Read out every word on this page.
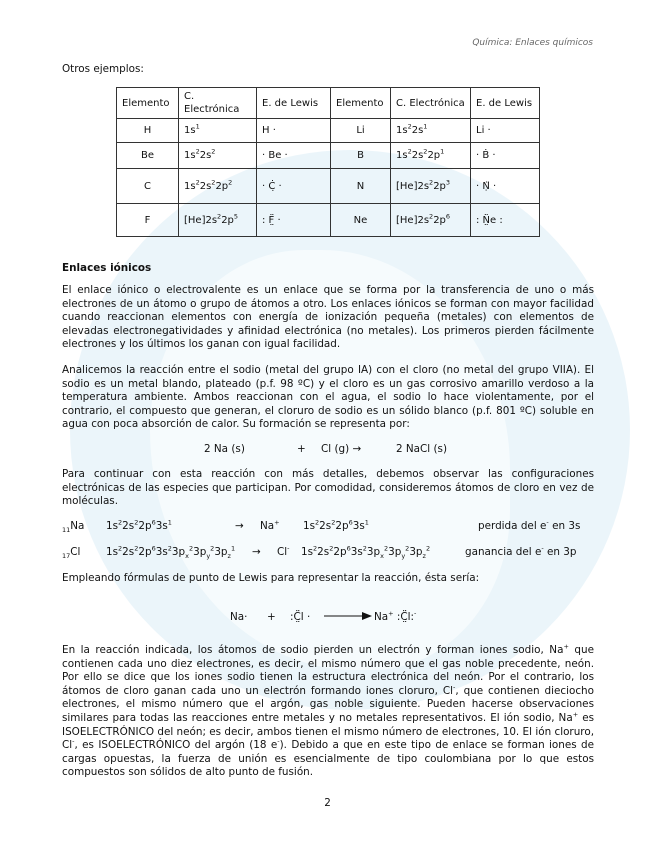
Química: Enlaces químicos
Otros ejemplos:
Elemento	C. Electrónica	E. de Lewis	Elemento	C. Electrónica	E. de Lewis
H	$1s^1$	H ·	Li	$1s^22s^1$	Li ·
Be	$1s^22s^2$	· Be ·	B	$1s^22s^22p^1$	· Ḃ ·
C	$1s^22s^22p^2$	· Ċ̣ ·	N	$[He]2s^22p^3$	· Ṇ̈ ·
F	$[He]2s^22p^5$	: F̤̈ ·	Ne	$[He]2s^22p^6$	: N̤̈e :
Enlaces iónicos
El enlace iónico o electrovalente es un enlace que se forma por la transferencia de uno o más electrones de un átomo o grupo de átomos a otro. Los enlaces iónicos se forman con mayor facilidad cuando reaccionan elementos con energía de ionización pequeña (metales) con elementos de elevadas electronegatividades y afinidad electrónica (no metales). Los primeros pierden fácilmente electrones y los últimos los ganan con igual facilidad.
Analicemos la reacción entre el sodio (metal del grupo IA) con el cloro (no metal del grupo VIIA). El sodio es un metal blando, plateado (p.f. 98 ºC) y el cloro es un gas corrosivo amarillo verdoso a la temperatura ambiente. Ambos reaccionan con el agua, el sodio lo hace violentamente, por el contrario, el compuesto que generan, el cloruro de sodio es un sólido blanco (p.f. 801 ºC) soluble en agua con poca absorción de calor. Su formación se representa por:
2 Na (s)	+ Cl (g) →	2 NaCl (s)
Para continuar con esta reacción con más detalles, debemos observar las configuraciones electrónicas de las especies que participan. Por comodidad, consideremos átomos de cloro en vez de moléculas.
$_{11}$Na $1s^22s^22p^63s^1$	→ Na+ $1s^22s^22p^63s^1$	perdida del e- en 3s
$_{17}$Cl $1s^22s^22p^63s^23p_x^23p_y^23p_z^1 \to Cl^-$ $1s^22s^22p^63s^23p_x^23p_y^23p_z^2$	ganancia del e- en 3p
Empleando fórmulas de punto de Lewis para representar la reacción, ésta sería:
Na· + :C̤̈l ·	Na+ :C̤̈l:-
En la reacción indicada, los átomos de sodio pierden un electrón y forman iones sodio, Na+ que contienen cada uno diez electrones, es decir, el mismo número que el gas noble precedente, neón. Por ello se dice que los iones sodio tienen la estructura electrónica del neón. Por el contrario, los átomos de cloro ganan cada uno un electrón formando iones cloruro, Cl-, que contienen dieciocho electrones, el mismo número que el argón, gas noble siguiente. Pueden hacerse observaciones similares para todas las reacciones entre metales y no metales representativos. El ión sodio, Na+ es ISOELECTRÓNICO del neón; es decir, ambos tienen el mismo número de electrones, 10. El ión cloruro, Cl-, es ISOELECTRÓNICO del argón (18 e-). Debido a que en este tipo de enlace se forman iones de cargas opuestas, la fuerza de unión es esencialmente de tipo coulombiana por lo que estos compuestos son sólidos de alto punto de fusión.
2
